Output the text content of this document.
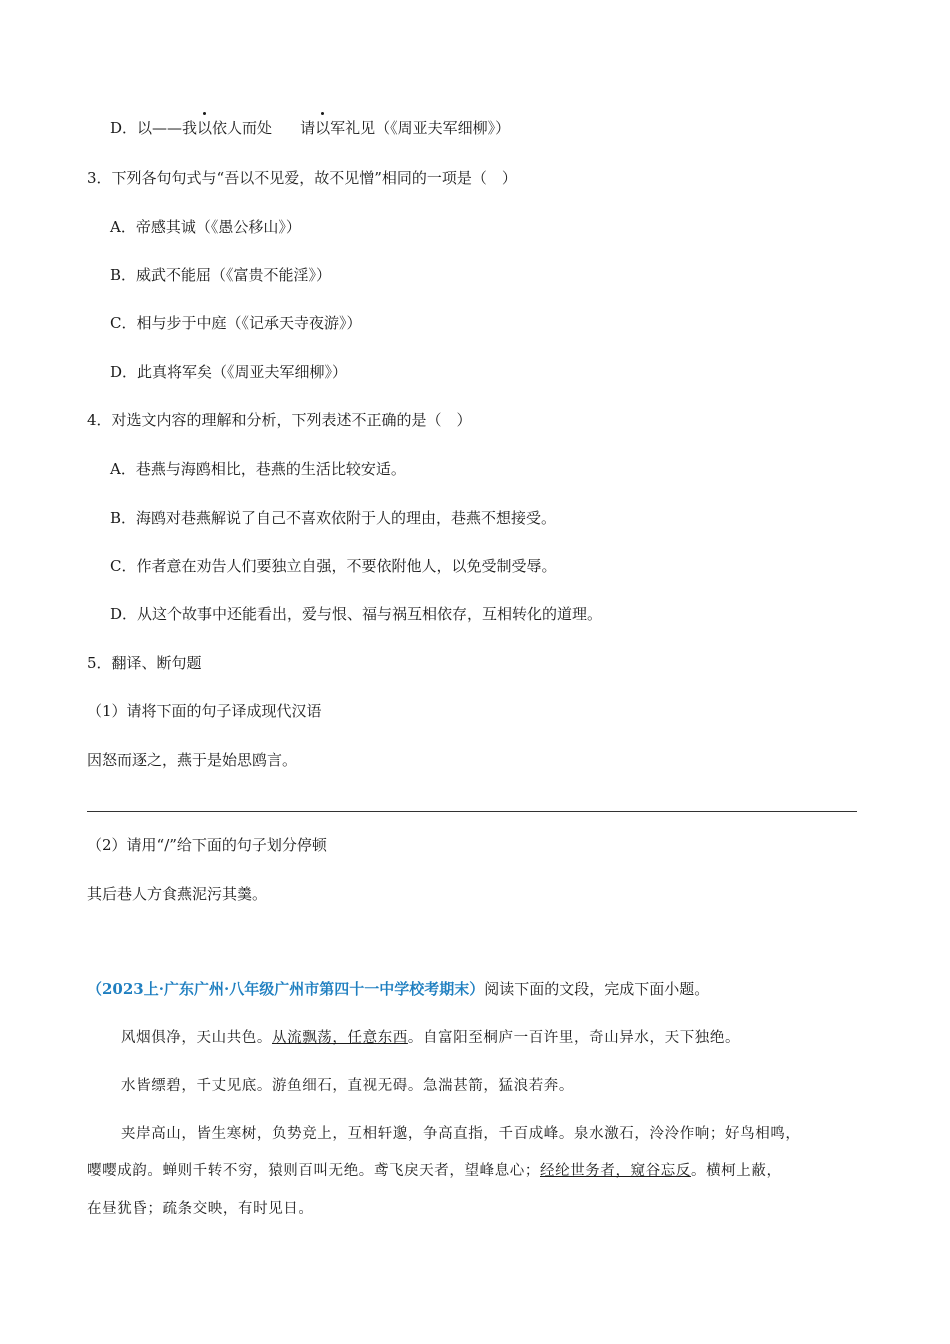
D．以——我以依人而处 请以军礼见（《周亚夫军细柳》）
3．下列各句句式与“吾以不见爱，故不见憎”相同的一项是（　）
A．帝感其诚（《愚公移山》）
B．威武不能屈（《富贵不能淫》）
C．相与步于中庭（《记承天寺夜游》）
D．此真将军矣（《周亚夫军细柳》）
4．对选文内容的理解和分析，下列表述不正确的是（　）
A．巷燕与海鸥相比，巷燕的生活比较安适。
B．海鸥对巷燕解说了自己不喜欢依附于人的理由，巷燕不想接受。
C．作者意在劝告人们要独立自强，不要依附他人，以免受制受辱。
D．从这个故事中还能看出，爱与恨、福与祸互相依存，互相转化的道理。
5．翻译、断句题
（1）请将下面的句子译成现代汉语
因怒而逐之，燕于是始思鸥言。
（2）请用“/”给下面的句子划分停顿
其后巷人方食燕泥污其羹。
（2023上·广东广州·八年级广州市第四十一中学校考期末）阅读下面的文段，完成下面小题。
风烟俱净，天山共色。从流飘荡，任意东西。自富阳至桐庐一百许里，奇山异水，天下独绝。
水皆缥碧，千丈见底。游鱼细石，直视无碍。急湍甚箭，猛浪若奔。
夹岸高山，皆生寒树，负势竞上，互相轩邈，争高直指，千百成峰。泉水激石，泠泠作响；好鸟相鸣，
嘤嘤成韵。蝉则千转不穷，猿则百叫无绝。鸢飞戾天者，望峰息心；经纶世务者，窥谷忘反。横柯上蔽，
在昼犹昏；疏条交映，有时见日。
